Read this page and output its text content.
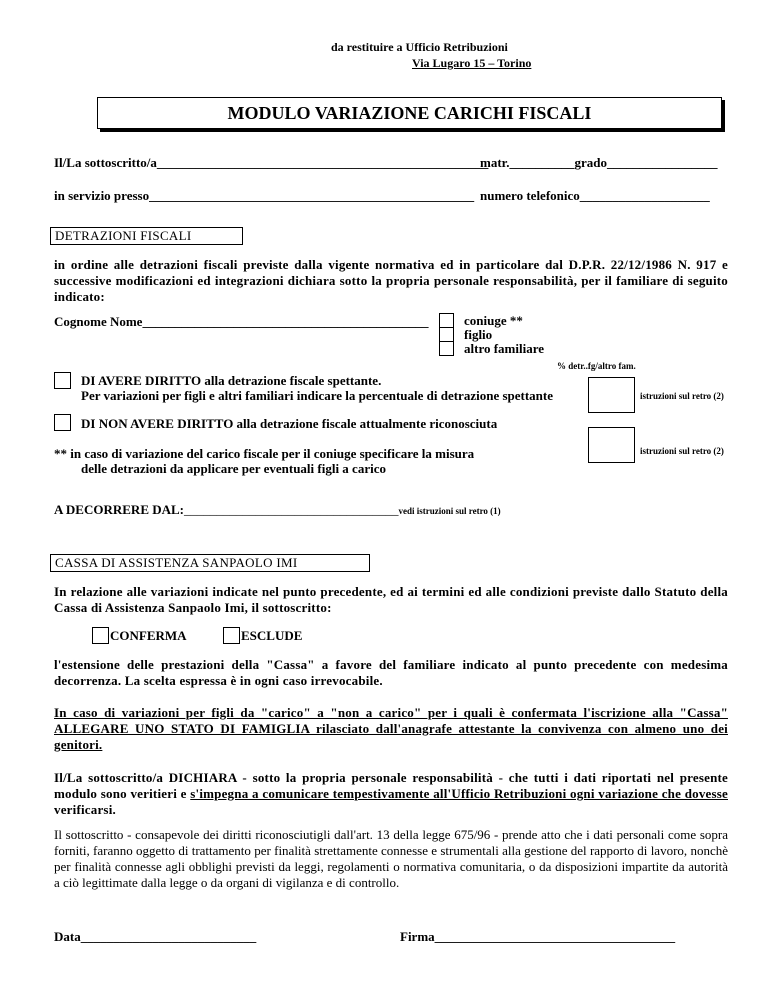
da restituire a Ufficio Retribuzioni
Via Lugaro 15 – Torino
MODULO VARIAZIONE CARICHI FISCALI
Il/La sottoscritto/a___________________________________________________
matr.__________grado_________________
in servizio presso__________________________________________________ numero telefonico____________________
DETRAZIONI FISCALI
in ordine alle detrazioni fiscali previste dalla vigente normativa ed in particolare dal D.P.R. 22/12/1986 N. 917 e successive modificazioni ed integrazioni dichiara sotto la propria personale responsabilità, per il familiare di seguito indicato:
Cognome Nome____________________________________________	coniuge **
figlio
altro familiare
% detr..fg/altro fam.
DI AVERE DIRITTO alla detrazione fiscale spettante.
Per variazioni per figli e altri familiari indicare la percentuale di detrazione spettante	istruzioni sul retro (2)
DI NON AVERE DIRITTO alla detrazione fiscale attualmente riconosciuta
** in caso di variazione del carico fiscale per il coniuge specificare la misura
delle detrazioni da applicare per eventuali figli a carico
istruzioni sul retro (2)
A DECORRERE DAL:_________________________________vedi istruzioni sul retro (1)
CASSA DI ASSISTENZA SANPAOLO IMI
In relazione alle variazioni indicate nel punto precedente, ed ai termini ed alle condizioni previste dallo Statuto della Cassa di Assistenza Sanpaolo Imi, il sottoscritto:
CONFERMA	ESCLUDE
l'estensione delle prestazioni della "Cassa" a favore del familiare indicato al punto precedente con medesima decorrenza. La scelta espressa è in ogni caso irrevocabile.
In caso di variazioni per figli da "carico" a "non a carico" per i quali è confermata l'iscrizione alla "Cassa" ALLEGARE UNO STATO DI FAMIGLIA rilasciato dall'anagrafe attestante la convivenza con almeno uno dei genitori.
Il/La sottoscritto/a DICHIARA - sotto la propria personale responsabilità - che tutti i dati riportati nel presente modulo sono veritieri e s'impegna a comunicare tempestivamente all'Ufficio Retribuzioni ogni variazione che dovesse verificarsi.
Il sottoscritto - consapevole dei diritti riconosciutigli dall'art. 13 della legge 675/96 - prende atto che i dati personali come sopra forniti, faranno oggetto di trattamento per finalità strettamente connesse e strumentali alla gestione del rapporto di lavoro, nonchè per finalità connesse agli obblighi previsti da leggi, regolamenti o normativa comunitaria, o da disposizioni impartite da autorità a ciò legittimate dalla legge o da organi di vigilanza e di controllo.
Data___________________________	Firma_____________________________________
